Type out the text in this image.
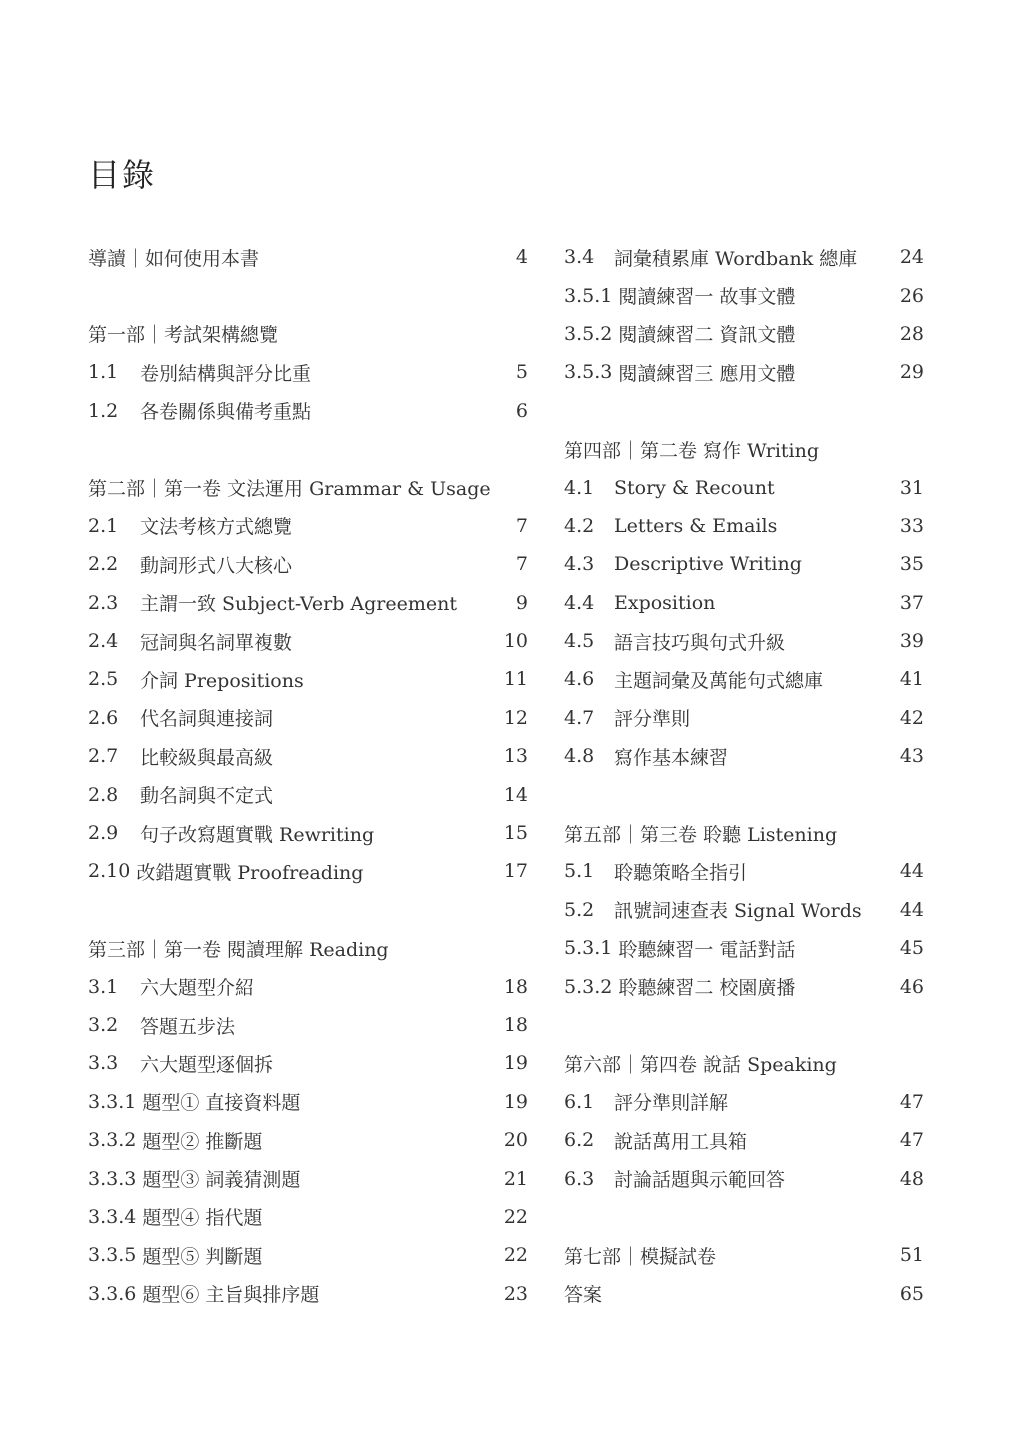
目錄
導讀｜如何使用本書	4
第一部｜考試架構總覽
1.1	卷別結構與評分比重	5
1.2	各卷關係與備考重點	6
第二部｜第一卷 文法運用 Grammar & Usage
2.1	文法考核方式總覽	7
2.2	動詞形式八大核心	7
2.3	主謂一致 Subject-Verb Agreement	9
2.4	冠詞與名詞單複數	10
2.5	介詞 Prepositions	11
2.6	代名詞與連接詞	12
2.7	比較級與最高級	13
2.8	動名詞與不定式	14
2.9	句子改寫題實戰 Rewriting	15
2.10 改錯題實戰 Proofreading	17
第三部｜第一卷 閱讀理解 Reading
3.1	六大題型介紹	18
3.2	答題五步法	18
3.3	六大題型逐個拆	19
3.3.1 題型① 直接資料題	19
3.3.2 題型② 推斷題	20
3.3.3 題型③ 詞義猜測題	21
3.3.4 題型④ 指代題	22
3.3.5 題型⑤ 判斷題	22
3.3.6 題型⑥ 主旨與排序題	23
3.4	詞彙積累庫 Wordbank 總庫	24
3.5.1 閱讀練習一 故事文體	26
3.5.2 閱讀練習二 資訊文體	28
3.5.3 閱讀練習三 應用文體	29
第四部｜第二卷 寫作 Writing
4.1	Story & Recount	31
4.2	Letters & Emails	33
4.3	Descriptive Writing	35
4.4	Exposition	37
4.5	語言技巧與句式升級	39
4.6	主題詞彙及萬能句式總庫	41
4.7	評分準則	42
4.8	寫作基本練習	43
第五部｜第三卷 聆聽 Listening
5.1	聆聽策略全指引	44
5.2	訊號詞速查表 Signal Words	44
5.3.1 聆聽練習一 電話對話	45
5.3.2 聆聽練習二 校園廣播	46
第六部｜第四卷 說話 Speaking
6.1	評分準則詳解	47
6.2	說話萬用工具箱	47
6.3	討論話題與示範回答	48
第七部｜模擬試卷	51
答案	65
